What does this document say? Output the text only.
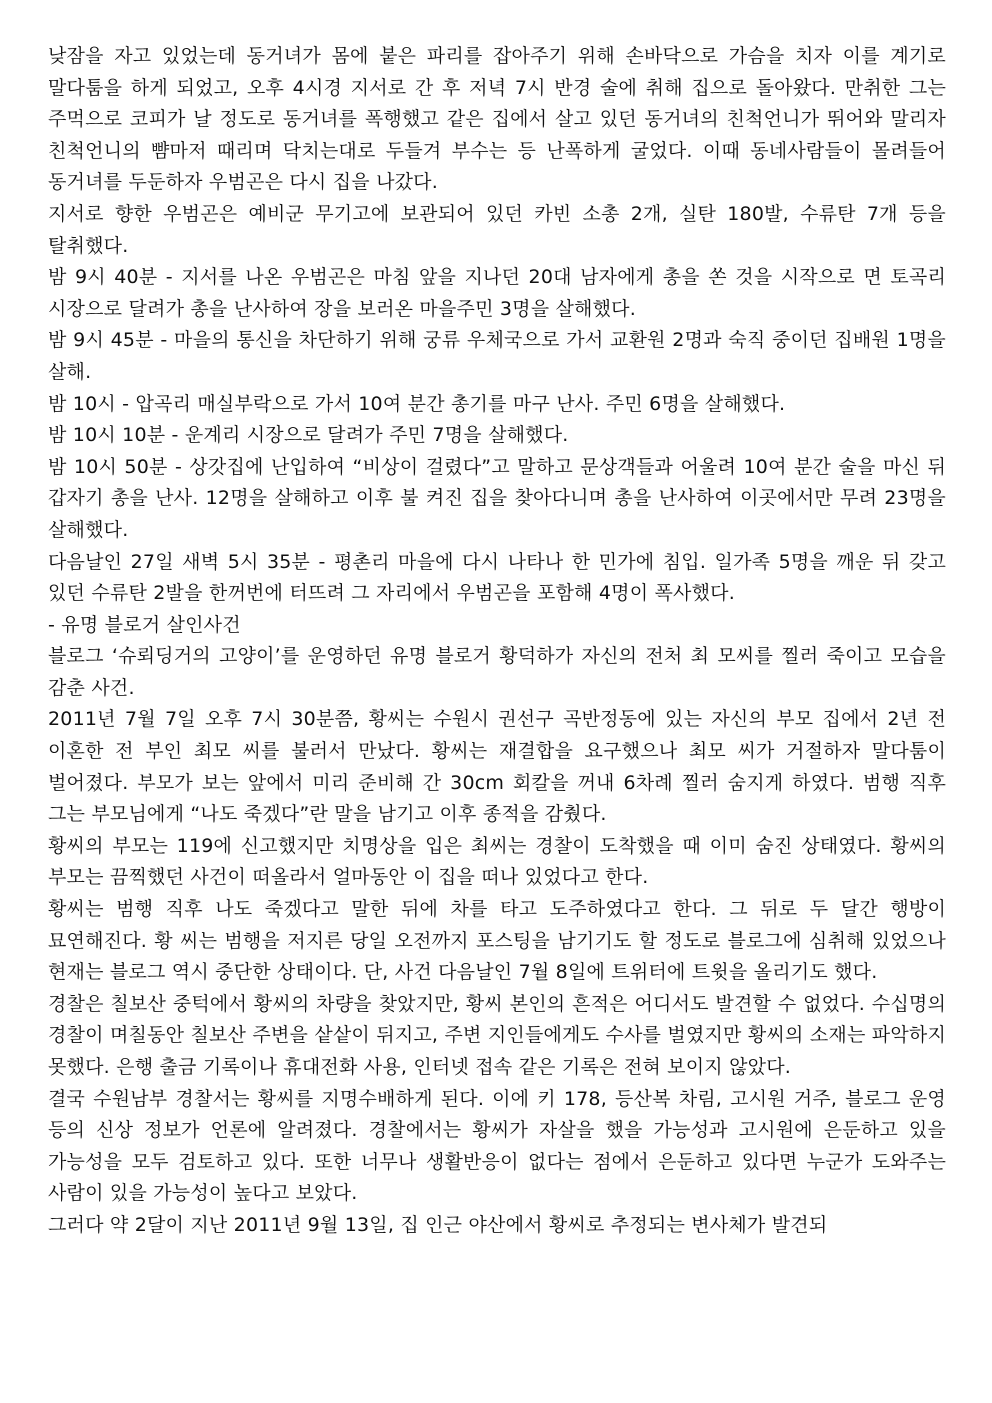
낮잠을 자고 있었는데 동거녀가 몸에 붙은 파리를 잡아주기 위해 손바닥으로 가슴을 치자 이를 계기로 말다툼을 하게 되었고, 오후 4시경 지서로 간 후 저녁 7시 반경 술에 취해 집으로 돌아왔다. 만취한 그는 주먹으로 코피가 날 정도로 동거녀를 폭행했고 같은 집에서 살고 있던 동거녀의 친척언니가 뛰어와 말리자 친척언니의 뺨마저 때리며 닥치는대로 두들겨 부수는 등 난폭하게 굴었다. 이때 동네사람들이 몰려들어 동거녀를 두둔하자 우범곤은 다시 집을 나갔다.

지서로 향한 우범곤은 예비군 무기고에 보관되어 있던 카빈 소총 2개, 실탄 180발, 수류탄 7개 등을 탈취했다.

밤 9시 40분 - 지서를 나온 우범곤은 마침 앞을 지나던 20대 남자에게 총을 쏜 것을 시작으로 면 토곡리 시장으로 달려가 총을 난사하여 장을 보러온 마을주민 3명을 살해했다.

밤 9시 45분 - 마을의 통신을 차단하기 위해 궁류 우체국으로 가서 교환원 2명과 숙직 중이던 집배원 1명을 살해.

밤 10시 - 압곡리 매실부락으로 가서 10여 분간 총기를 마구 난사. 주민 6명을 살해했다.

밤 10시 10분 - 운계리 시장으로 달려가 주민 7명을 살해했다.

밤 10시 50분 - 상갓집에 난입하여 “비상이 걸렸다”고 말하고 문상객들과 어울려 10여 분간 술을 마신 뒤 갑자기 총을 난사. 12명을 살해하고 이후 불 켜진 집을 찾아다니며 총을 난사하여 이곳에서만 무려 23명을 살해했다.

다음날인 27일 새벽 5시 35분 - 평촌리 마을에 다시 나타나 한 민가에 침입. 일가족 5명을 깨운 뒤 갖고 있던 수류탄 2발을 한꺼번에 터뜨려 그 자리에서 우범곤을 포함해 4명이 폭사했다.

- 유명 블로거 살인사건

블로그 ‘슈뢰딩거의 고양이’를 운영하던 유명 블로거 황덕하가 자신의 전처 최 모씨를 찔러 죽이고 모습을 감춘 사건.

2011년 7월 7일 오후 7시 30분쯤, 황씨는 수원시 권선구 곡반정동에 있는 자신의 부모 집에서 2년 전 이혼한 전 부인 최모 씨를 불러서 만났다. 황씨는 재결합을 요구했으나 최모 씨가 거절하자 말다툼이 벌어졌다. 부모가 보는 앞에서 미리 준비해 간 30cm 회칼을 꺼내 6차례 찔러 숨지게 하였다. 범행 직후 그는 부모님에게 “나도 죽겠다”란 말을 남기고 이후 종적을 감췄다.

황씨의 부모는 119에 신고했지만 치명상을 입은 최씨는 경찰이 도착했을 때 이미 숨진 상태였다. 황씨의 부모는 끔찍했던 사건이 떠올라서 얼마동안 이 집을 떠나 있었다고 한다.

황씨는 범행 직후 나도 죽겠다고 말한 뒤에 차를 타고 도주하였다고 한다. 그 뒤로 두 달간 행방이 묘연해진다. 황 씨는 범행을 저지른 당일 오전까지 포스팅을 남기기도 할 정도로 블로그에 심취해 있었으나 현재는 블로그 역시 중단한 상태이다. 단, 사건 다음날인 7월 8일에 트위터에 트윗을 올리기도 했다.

경찰은 칠보산 중턱에서 황씨의 차량을 찾았지만, 황씨 본인의 흔적은 어디서도 발견할 수 없었다. 수십명의 경찰이 며칠동안 칠보산 주변을 샅샅이 뒤지고, 주변 지인들에게도 수사를 벌였지만 황씨의 소재는 파악하지 못했다. 은행 출금 기록이나 휴대전화 사용, 인터넷 접속 같은 기록은 전혀 보이지 않았다.

결국 수원남부 경찰서는 황씨를 지명수배하게 된다. 이에 키 178, 등산복 차림, 고시원 거주, 블로그 운영 등의 신상 정보가 언론에 알려졌다. 경찰에서는 황씨가 자살을 했을 가능성과 고시원에 은둔하고 있을 가능성을 모두 검토하고 있다. 또한 너무나 생활반응이 없다는 점에서 은둔하고 있다면 누군가 도와주는 사람이 있을 가능성이 높다고 보았다.

그러다 약 2달이 지난 2011년 9월 13일, 집 인근 야산에서 황씨로 추정되는 변사체가 발견되
